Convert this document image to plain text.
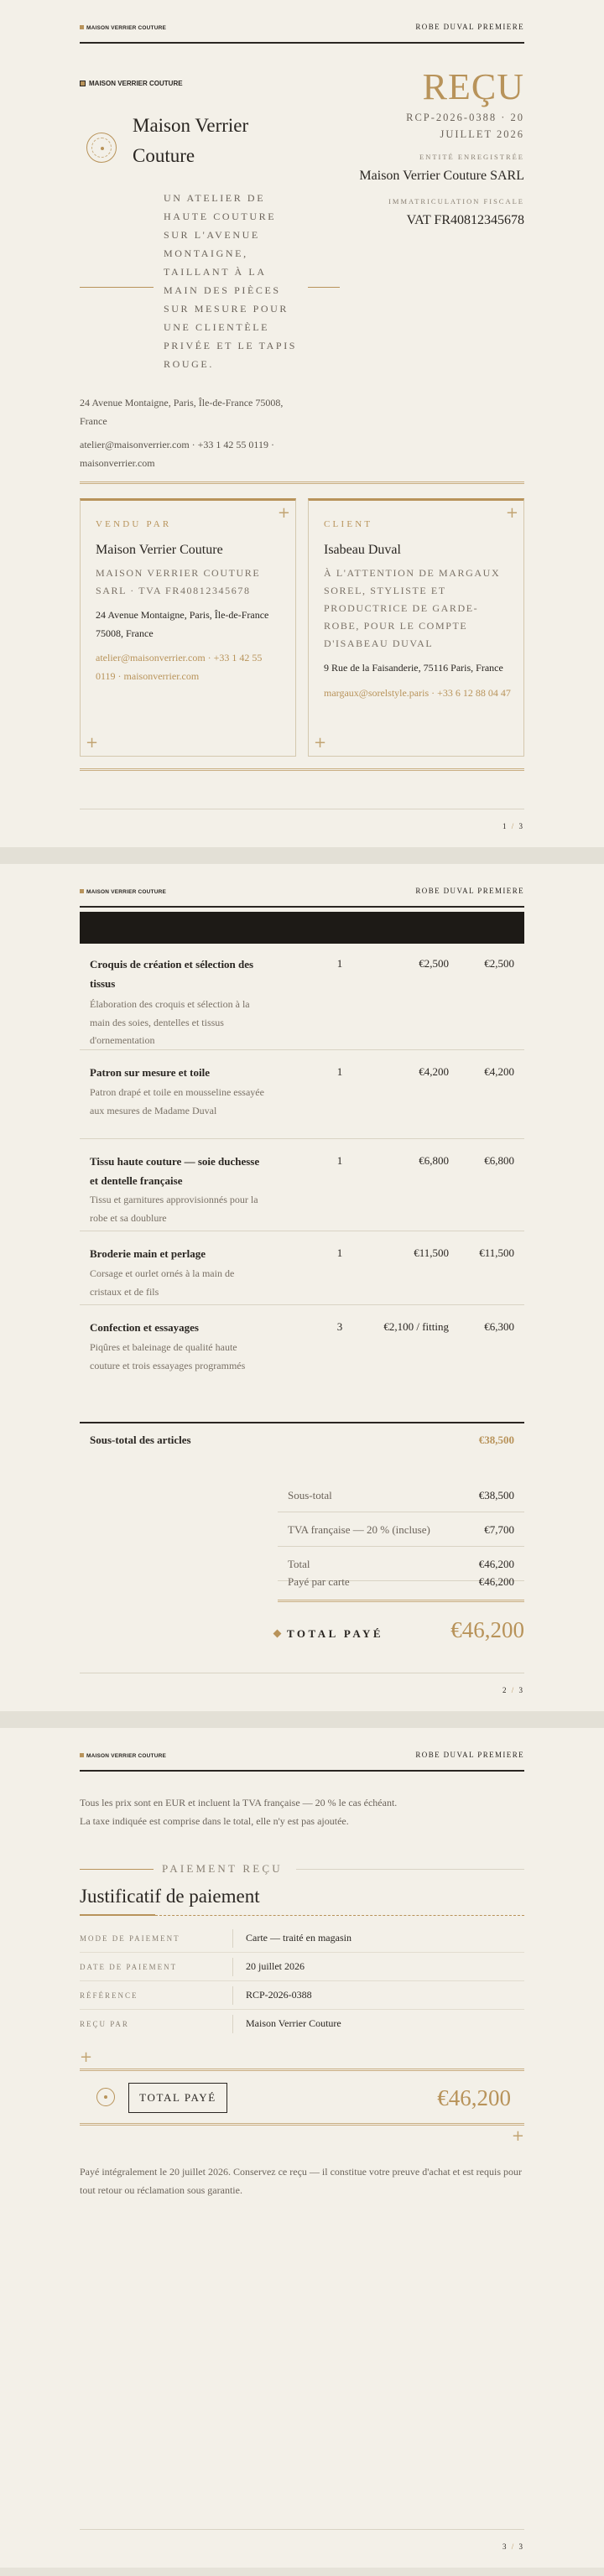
MAISON VERRIER COUTURE	ROBE DUVAL PREMIERE
MAISON VERRIER COUTURE
Maison Verrier Couture
UN ATELIER DE HAUTE COUTURE SUR L'AVENUE MONTAIGNE, TAILLANT À LA MAIN DES PIÈCES SUR MESURE POUR UNE CLIENTÈLE PRIVÉE ET LE TAPIS ROUGE.
24 Avenue Montaigne, Paris, Île-de-France 75008, France
atelier@maisonverrier.com · +33 1 42 55 0119 · maisonverrier.com
REÇU
RCP-2026-0388 · 20 JUILLET 2026
ENTITÉ ENREGISTRÉE
Maison Verrier Couture SARL
IMMATRICULATION FISCALE
VAT FR40812345678
+
+
VENDU PAR
Maison Verrier Couture
MAISON VERRIER COUTURE SARL · TVA FR40812345678
24 Avenue Montaigne, Paris, Île-de-France 75008, France
atelier@maisonverrier.com · +33 1 42 55 0119 · maisonverrier.com
+
+
CLIENT
Isabeau Duval
À L'ATTENTION DE MARGAUX SOREL, STYLISTE ET PRODUCTRICE DE GARDE-ROBE, POUR LE COMPTE D'ISABEAU DUVAL
9 Rue de la Faisanderie, 75116 Paris, France
margaux@sorelstyle.paris · +33 6 12 88 04 47
1 / 3
MAISON VERRIER COUTURE	ROBE DUVAL PREMIERE
Croquis de création et sélection des tissus
Élaboration des croquis et sélection à la main des soies, dentelles et tissus d'ornementation
1	€2,500	€2,500
Patron sur mesure et toile
Patron drapé et toile en mousseline essayée aux mesures de Madame Duval
1	€4,200	€4,200
Tissu haute couture — soie duchesse et dentelle française
Tissu et garnitures approvisionnés pour la robe et sa doublure
1	€6,800	€6,800
Broderie main et perlage
Corsage et ourlet ornés à la main de cristaux et de fils
1	€11,500	€11,500
Confection et essayages
Piqûres et baleinage de qualité haute couture et trois essayages programmés
3	€2,100 / fitting	€6,300
Sous-total des articles	€38,500
Sous-total	€38,500
TVA française — 20 % (incluse)	€7,700
Total	€46,200
Payé par carte	€46,200
TOTAL PAYÉ	€46,200
2 / 3
MAISON VERRIER COUTURE	ROBE DUVAL PREMIERE
Tous les prix sont en EUR et incluent la TVA française — 20 % le cas échéant. La taxe indiquée est comprise dans le total, elle n'y est pas ajoutée.
PAIEMENT REÇU
Justificatif de paiement
MODE DE PAIEMENT	Carte — traité en magasin
DATE DE PAIEMENT	20 juillet 2026
RÉFÉRENCE	RCP-2026-0388
REÇU PAR	Maison Verrier Couture
+
TOTAL PAYÉ	€46,200
+
Payé intégralement le 20 juillet 2026. Conservez ce reçu — il constitue votre preuve d'achat et est requis pour tout retour ou réclamation sous garantie.
3 / 3
